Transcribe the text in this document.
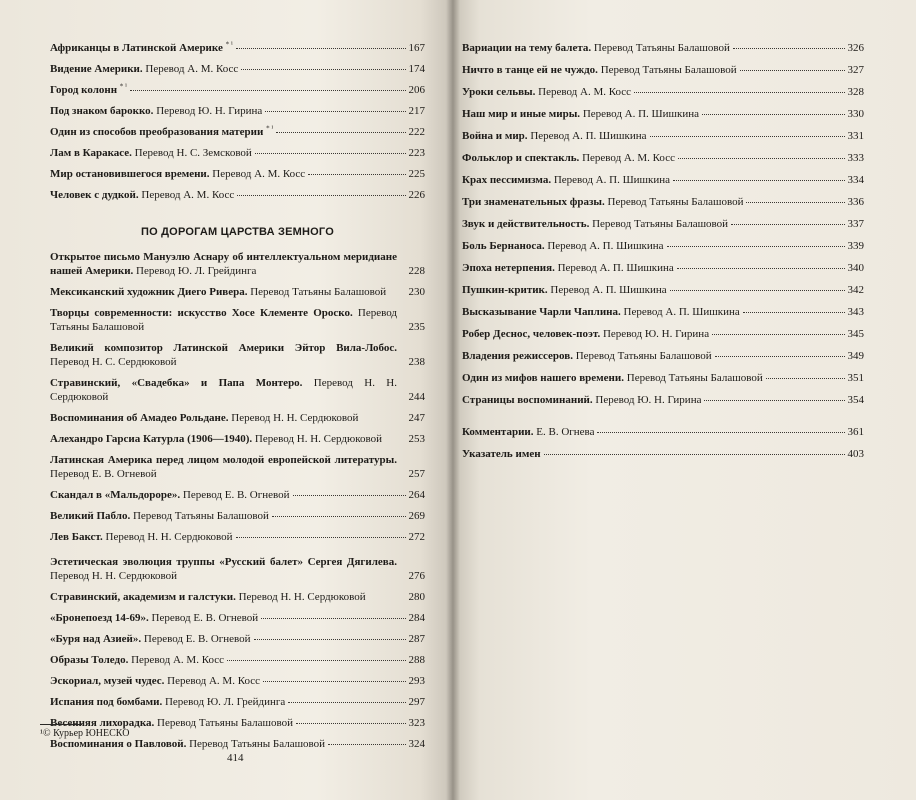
Африканцы в Латинской Америке $^{* ^1}$	167
Видение Америки. Перевод А. М. Косс	174
Город колонн $^{* ^1}$	206
Под знаком барокко. Перевод Ю. Н. Гирина	217
Один из способов преобразования материи $^{* ^1}$	222
Лам в Каракасе. Перевод Н. С. Земсковой	223
Мир остановившегося времени. Перевод А. М. Косс	225
Человек с дудкой. Перевод А. М. Косс	226
ПО ДОРОГАМ ЦАРСТВА ЗЕМНОГО
Открытое письмо Мануэлю Аснару об интеллектуальном меридиане нашей Америки. Перевод Ю. Л. Грейдинга	228
Мексиканский художник Диего Ривера. Перевод Татьяны Балашовой	230
Творцы современности: искусство Хосе Клементе Ороско. Перевод Татьяны Балашовой	235
Великий композитор Латинской Америки Эйтор Вила-Лобос. Перевод Н. С. Сердюковой	238
Стравинский, «Свадебка» и Папа Монтеро. Перевод Н. Н. Сердюковой	244
Воспоминания об Амадео Рольдане. Перевод Н. Н. Сердюковой	247
Алехандро Гарсиа Катурла (1906—1940). Перевод Н. Н. Сердюковой	253
Латинская Америка перед лицом молодой европейской литературы. Перевод Е. В. Огневой	257
Скандал в «Мальдороре». Перевод Е. В. Огневой	264
Великий Пабло. Перевод Татьяны Балашовой	269
Лев Бакст. Перевод Н. Н. Сердюковой	272
Эстетическая эволюция труппы «Русский балет» Сергея Дягилева. Перевод Н. Н. Сердюковой	276
Стравинский, академизм и галстуки. Перевод Н. Н. Сердюковой	280
«Бронепоезд 14-69». Перевод Е. В. Огневой	284
«Буря над Азией». Перевод Е. В. Огневой	287
Образы Толедо. Перевод А. М. Косс	288
Эскориал, музей чудес. Перевод А. М. Косс	293
Испания под бомбами. Перевод Ю. Л. Грейдинга	297
Весенняя лихорадка. Перевод Татьяны Балашовой	323
Воспоминания о Павловой. Перевод Татьяны Балашовой	324
¹© Курьер ЮНЕСКО
414
Вариации на тему балета. Перевод Татьяны Балашовой	326
Ничто в танце ей не чуждо. Перевод Татьяны Балашовой	327
Уроки сельвы. Перевод А. М. Косс	328
Наш мир и иные миры. Перевод А. П. Шишкина	330
Война и мир. Перевод А. П. Шишкина	331
Фольклор и спектакль. Перевод А. М. Косс	333
Крах пессимизма. Перевод А. П. Шишкина	334
Три знаменательных фразы. Перевод Татьяны Балашовой	336
Звук и действительность. Перевод Татьяны Балашовой	337
Боль Бернаноса. Перевод А. П. Шишкина	339
Эпоха нетерпения. Перевод А. П. Шишкина	340
Пушкин-критик. Перевод А. П. Шишкина	342
Высказывание Чарли Чаплина. Перевод А. П. Шишкина	343
Робер Деснос, человек-поэт. Перевод Ю. Н. Гирина	345
Владения режиссеров. Перевод Татьяны Балашовой	349
Один из мифов нашего времени. Перевод Татьяны Балашовой	351
Страницы воспоминаний. Перевод Ю. Н. Гирина	354
Комментарии. Е. В. Огнева	361
Указатель имен	403
